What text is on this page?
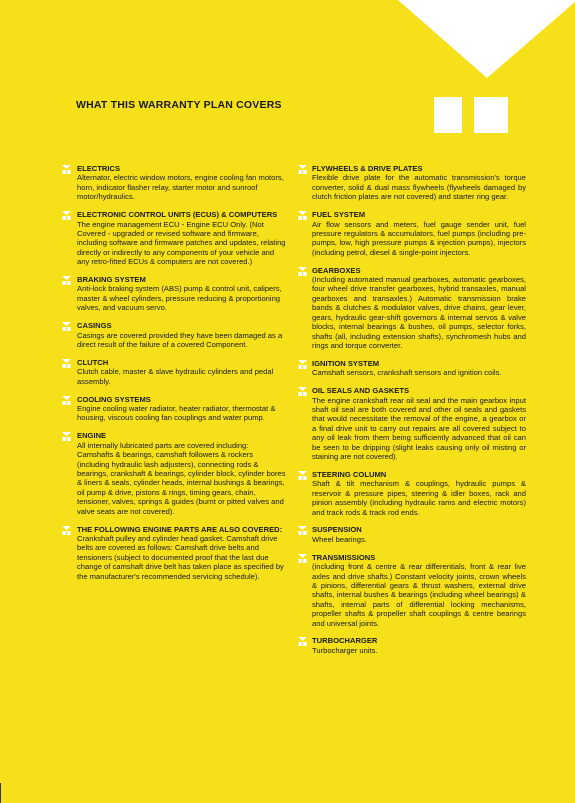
WHAT THIS WARRANTY PLAN COVERS

ELECTRICS

Alternator, electric window motors, engine cooling fan motors, horn, indicator flasher relay, starter motor and sunroof motor/hydraulics.

ELECTRONIC CONTROL UNITS (ECUS) & COMPUTERS

The engine management ECU - Engine ECU Only. (Not Covered - upgraded or revised software and firmware, including software and firmware patches and updates, relating directly or indirectly to any components of your vehicle and any retro-fitted ECUs & computers are not covered.)

BRAKING SYSTEM

Anti-lock braking system (ABS) pump & control unit, calipers, master & wheel cylinders, pressure reducing & proportioning valves, and vacuum servo.

CASINGS

Casings are covered provided they have been damaged as a direct result of the failure of a covered Component.

CLUTCH

Clutch cable, master & slave hydraulic cylinders and pedal assembly.

COOLING SYSTEMS

Engine cooling water radiator, heater radiator, thermostat & housing, viscous cooling fan couplings and water pump.

ENGINE

All internally lubricated parts are covered including: Camshafts & bearings, camshaft followers & rockers (including hydraulic lash adjusters), connecting rods & bearings, crankshaft & bearings, cylinder block, cylinder bores & liners & seals, cylinder heads, internal bushings & bearings, oil pump & drive, pistons & rings, timing gears, chain, tensioner, valves, springs & guides (burnt or pitted valves and valve seats are not covered).

THE FOLLOWING ENGINE PARTS ARE ALSO COVERED:

Crankshaft pulley and cylinder head gasket. Camshaft drive belts are covered as follows: Camshaft drive belts and tensioners (subject to documented proof that the last due change of camshaft drive belt has taken place as specified by the manufacturer's recommended servicing schedule).

FLYWHEELS & DRIVE PLATES

Flexible drive plate for the automatic transmission's torque converter, solid & dual mass flywheels (flywheels damaged by clutch friction plates are not covered) and starter ring gear.

FUEL SYSTEM

Air flow sensors and meters, fuel gauge sender unit, fuel pressure regulators & accumulators, fuel pumps (including pre-pumps, low, high pressure pumps & injection pumps), injectors (including petrol, diesel & single-point injectors.

GEARBOXES

(Including automated manual gearboxes, automatic gearboxes, four wheel drive transfer gearboxes, hybrid transaxles, manual gearboxes and transaxles.) Automatic transmission brake bands & clutches & modulator valves, drive chains, gear lever, gears, hydraulic gear-shift governors & internal servos & valve blocks, internal bearings & bushes, oil pumps, selector forks, shafts (all, including extension shafts), synchromesh hubs and rings and torque converter.

IGNITION SYSTEM

Camshaft sensors, crankshaft sensors and ignition coils.

OIL SEALS AND GASKETS

The engine crankshaft rear oil seal and the main gearbox input shaft oil seal are both covered and other oil seals and gaskets that would necessitate the removal of the engine, a gearbox or a final drive unit to carry out repairs are all covered subject to any oil leak from them being sufficiently advanced that oil can be seen to be dripping (slight leaks causing only oil misting or staining are not covered).

STEERING COLUMN

Shaft & tilt mechanism & couplings, hydraulic pumps & reservoir & pressure pipes, steering & idler boxes, rack and pinion assembly (including hydraulic rams and electric motors) and track rods & track rod ends.

SUSPENSION

Wheel bearings.

TRANSMISSIONS

(including front & centre & rear differentials, front & rear live axles and drive shafts.) Constant velocity joints, crown wheels & pinions, differential gears & thrust washers, external drive shafts, internal bushes & bearings (including wheel bearings) & shafts, internal parts of differential locking mechanisms, propeller shafts & propeller shaft couplings & centre bearings and universal joints.

TURBOCHARGER

Turbocharger units.
